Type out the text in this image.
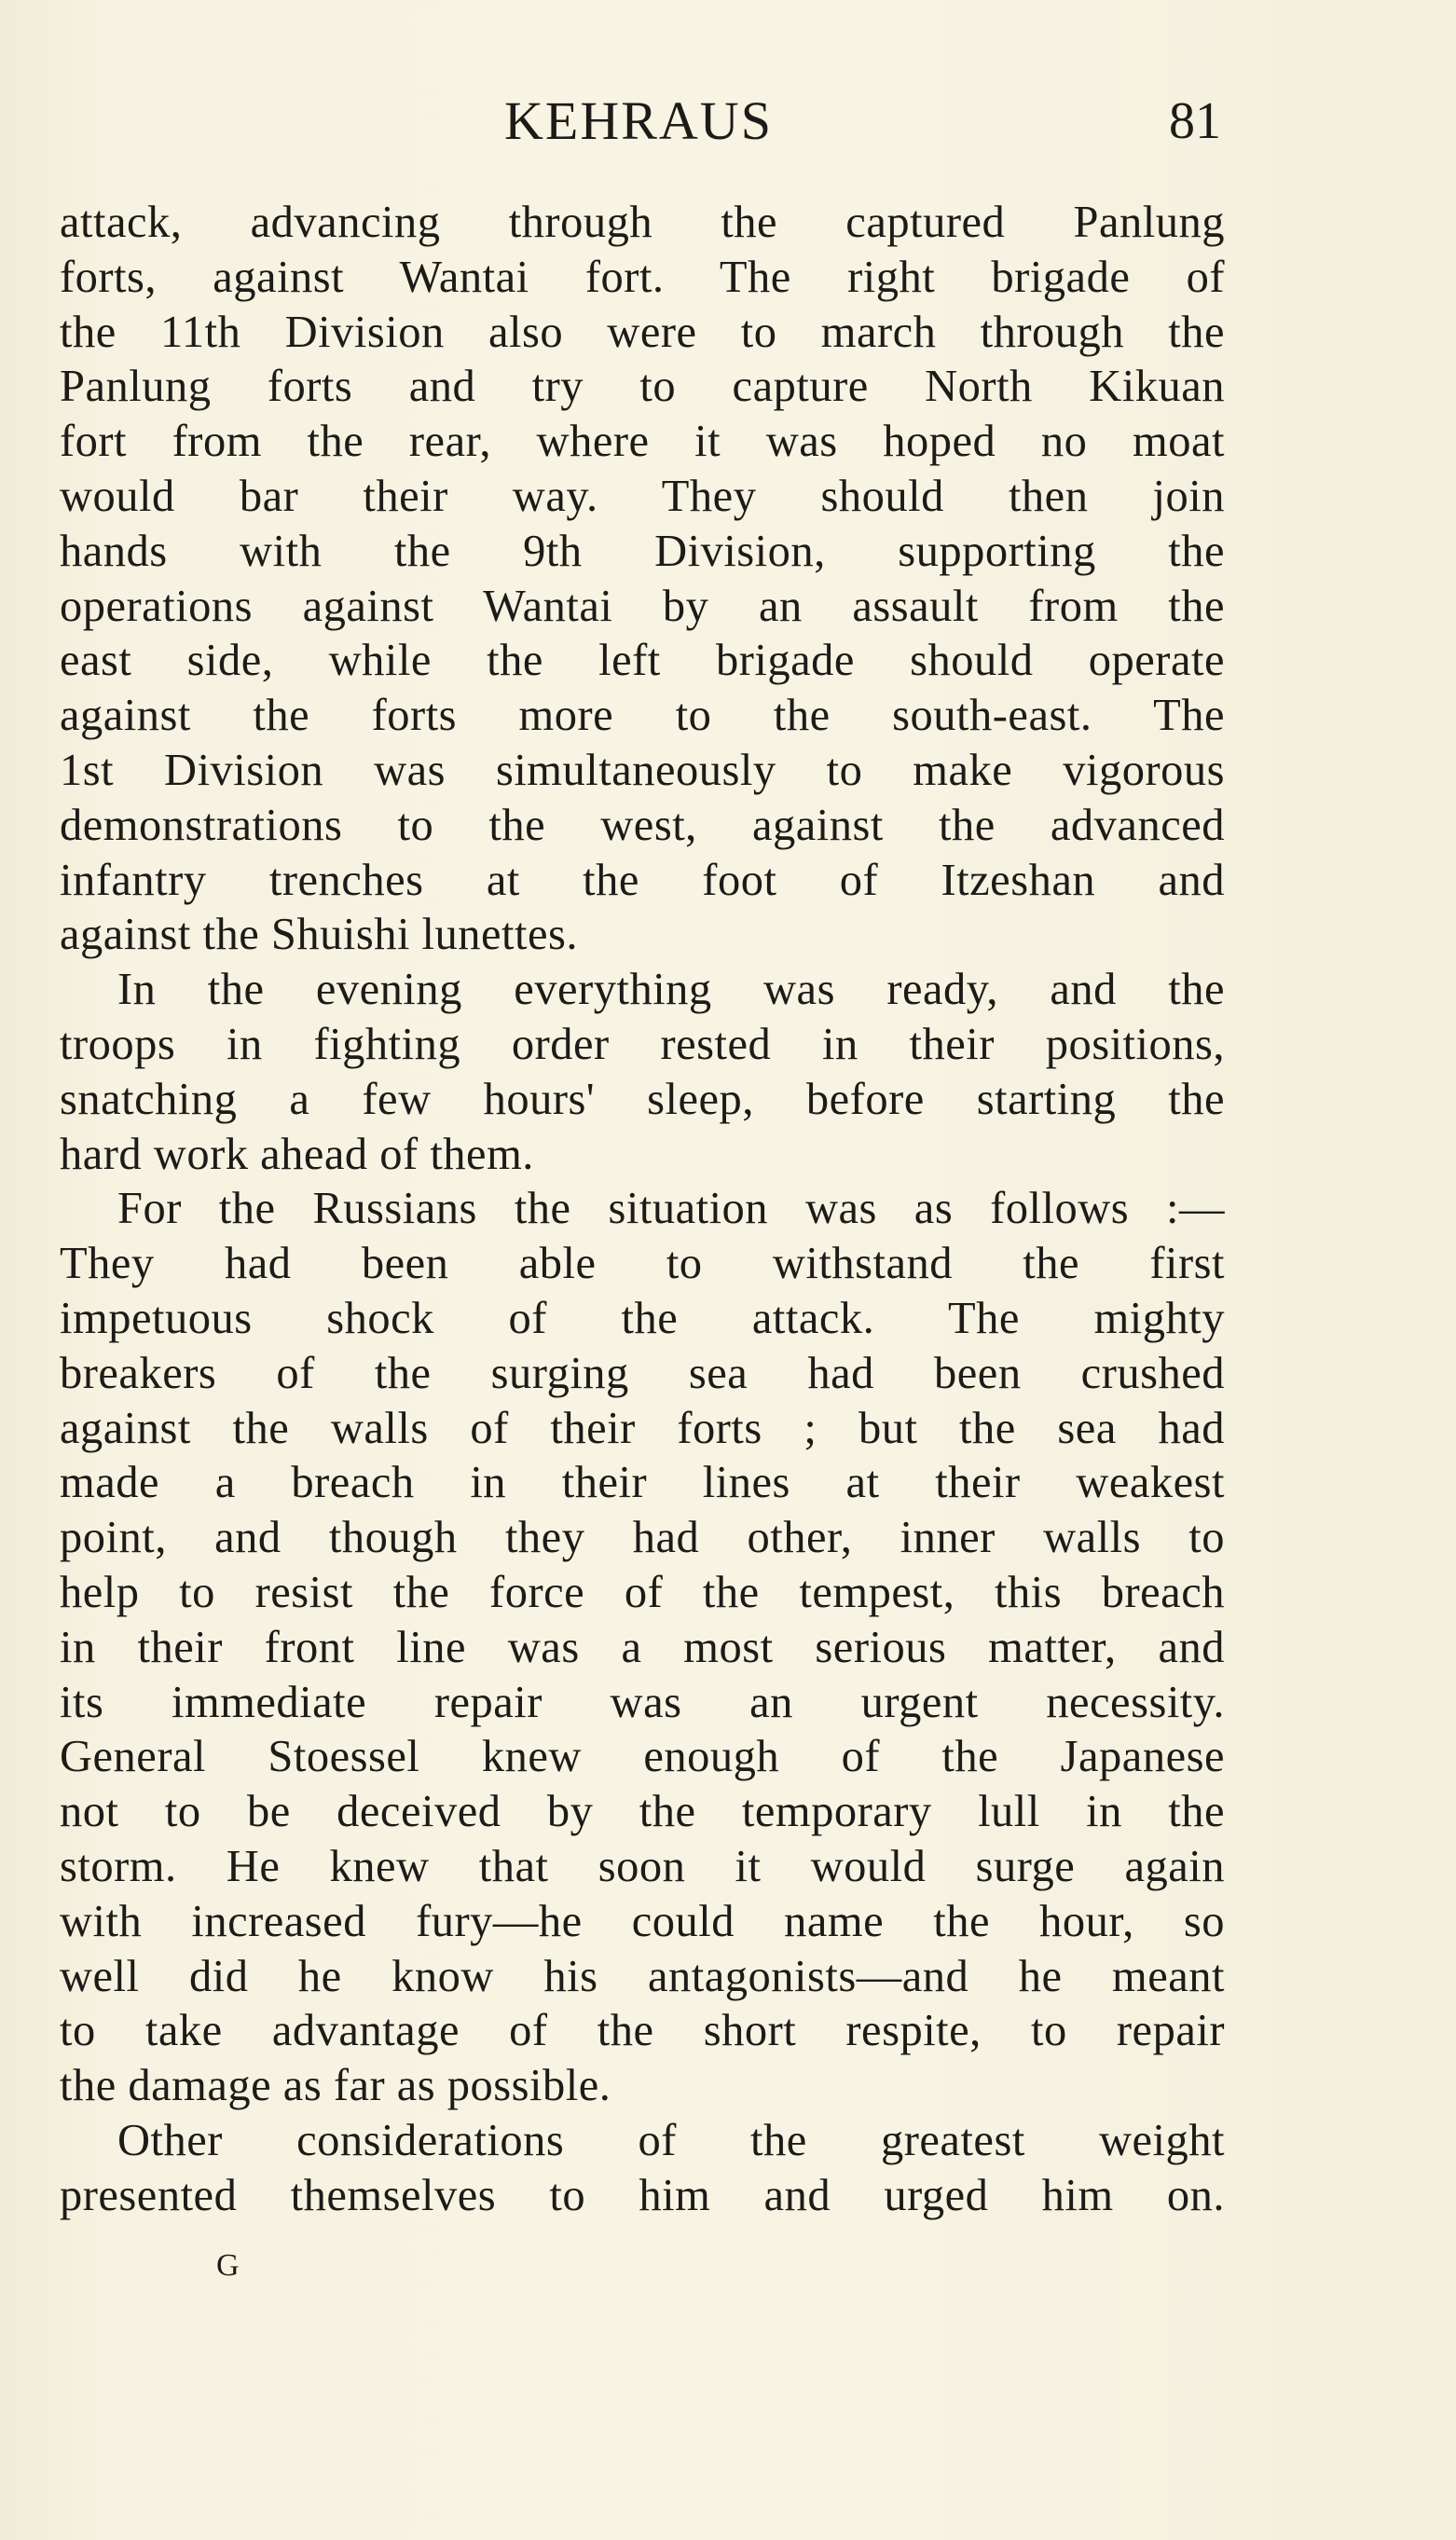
KEHRAUS	81
attack, advancing through the captured Panlung
forts, against Wantai fort. The right brigade of
the 11th Division also were to march through the
Panlung forts and try to capture North Kikuan
fort from the rear, where it was hoped no moat
would bar their way. They should then join
hands with the 9th Division, supporting the
operations against Wantai by an assault from the
east side, while the left brigade should operate
against the forts more to the south-east. The
1st Division was simultaneously to make vigorous
demonstrations to the west, against the advanced
infantry trenches at the foot of Itzeshan and
against the Shuishi lunettes.
In the evening everything was ready, and the
troops in fighting order rested in their positions,
snatching a few hours' sleep, before starting the
hard work ahead of them.
For the Russians the situation was as follows :—
They had been able to withstand the first
impetuous shock of the attack. The mighty
breakers of the surging sea had been crushed
against the walls of their forts ; but the sea had
made a breach in their lines at their weakest
point, and though they had other, inner walls to
help to resist the force of the tempest, this breach
in their front line was a most serious matter, and
its immediate repair was an urgent necessity.
General Stoessel knew enough of the Japanese
not to be deceived by the temporary lull in the
storm. He knew that soon it would surge again
with increased fury—he could name the hour, so
well did he know his antagonists—and he meant
to take advantage of the short respite, to repair
the damage as far as possible.
Other considerations of the greatest weight
presented themselves to him and urged him on.
G
